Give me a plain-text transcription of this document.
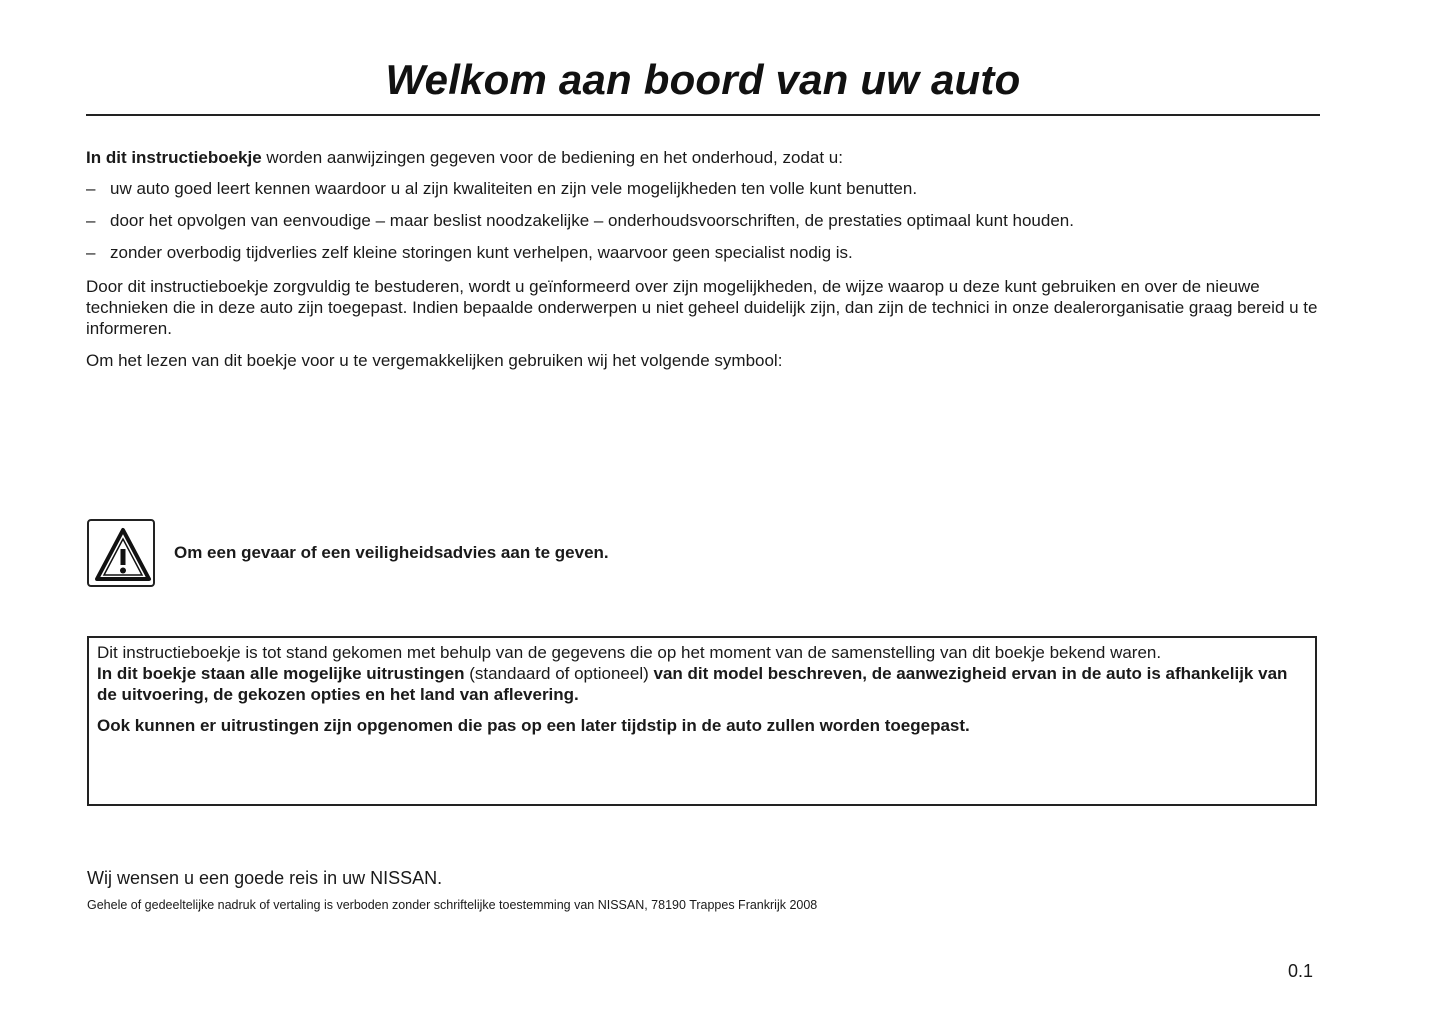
Welkom aan boord van uw auto
In dit instructieboekje worden aanwijzingen gegeven voor de bediening en het onderhoud, zodat u:
– uw auto goed leert kennen waardoor u al zijn kwaliteiten en zijn vele mogelijkheden ten volle kunt benutten.
– door het opvolgen van eenvoudige – maar beslist noodzakelijke – onderhoudsvoorschriften, de prestaties optimaal kunt houden.
– zonder overbodig tijdverlies zelf kleine storingen kunt verhelpen, waarvoor geen specialist nodig is.
Door dit instructieboekje zorgvuldig te bestuderen, wordt u geïnformeerd over zijn mogelijkheden, de wijze waarop u deze kunt gebruiken en over de nieuwe technieken die in deze auto zijn toegepast. Indien bepaalde onderwerpen u niet geheel duidelijk zijn, dan zijn de technici in onze dealerorganisatie graag bereid u te informeren.
Om het lezen van dit boekje voor u te vergemakkelijken gebruiken wij het volgende symbool:
Om een gevaar of een veiligheidsadvies aan te geven.

Dit instructieboekje is tot stand gekomen met behulp van de gegevens die op het moment van de samenstelling van dit boekje bekend waren.

In dit boekje staan alle mogelijke uitrustingen (standaard of optioneel) van dit model beschreven, de aanwezigheid ervan in de auto is afhankelijk van de uitvoering, de gekozen opties en het land van aflevering.

Ook kunnen er uitrustingen zijn opgenomen die pas op een later tijdstip in de auto zullen worden toegepast.

Wij wensen u een goede reis in uw NISSAN.
Gehele of gedeeltelijke nadruk of vertaling is verboden zonder schriftelijke toestemming van NISSAN, 78190 Trappes Frankrijk 2008
0.1
